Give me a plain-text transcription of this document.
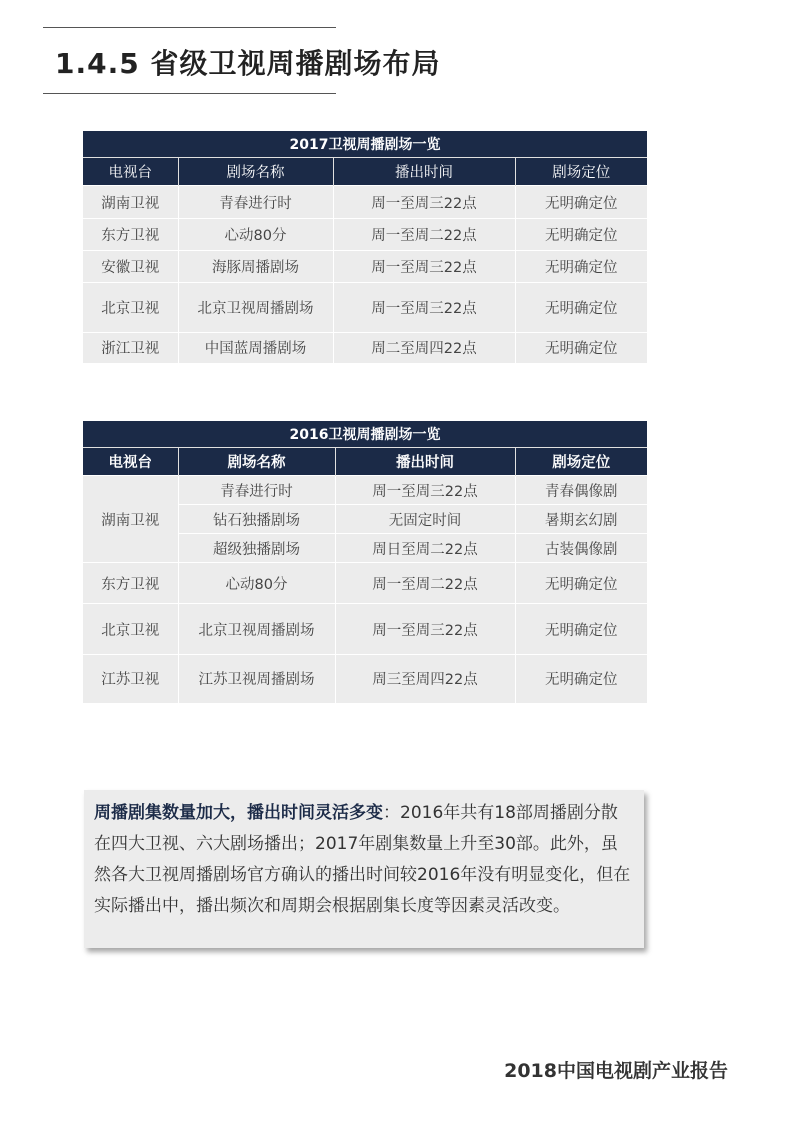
1.4.5 省级卫视周播剧场布局
2017卫视周播剧场一览			
电视台	剧场名称	播出时间	剧场定位
湖南卫视	青春进行时	周一至周三22点	无明确定位
东方卫视	心动80分	周一至周二22点	无明确定位
安徽卫视	海豚周播剧场	周一至周三22点	无明确定位
北京卫视	北京卫视周播剧场	周一至周三22点	无明确定位
浙江卫视	中国蓝周播剧场	周二至周四22点	无明确定位
2016卫视周播剧场一览			
电视台	剧场名称	播出时间	剧场定位
湖南卫视	青春进行时	周一至周三22点	青春偶像剧
	钻石独播剧场	无固定时间	暑期玄幻剧
	超级独播剧场	周日至周二22点	古装偶像剧
东方卫视	心动80分	周一至周二22点	无明确定位
北京卫视	北京卫视周播剧场	周一至周三22点	无明确定位
江苏卫视	江苏卫视周播剧场	周三至周四22点	无明确定位
周播剧集数量加大，播出时间灵活多变：2016年共有18部周播剧分散在四大卫视、六大剧场播出；2017年剧集数量上升至30部。此外，虽然各大卫视周播剧场官方确认的播出时间较2016年没有明显变化，但在实际播出中，播出频次和周期会根据剧集长度等因素灵活改变。
2018中国电视剧产业报告
